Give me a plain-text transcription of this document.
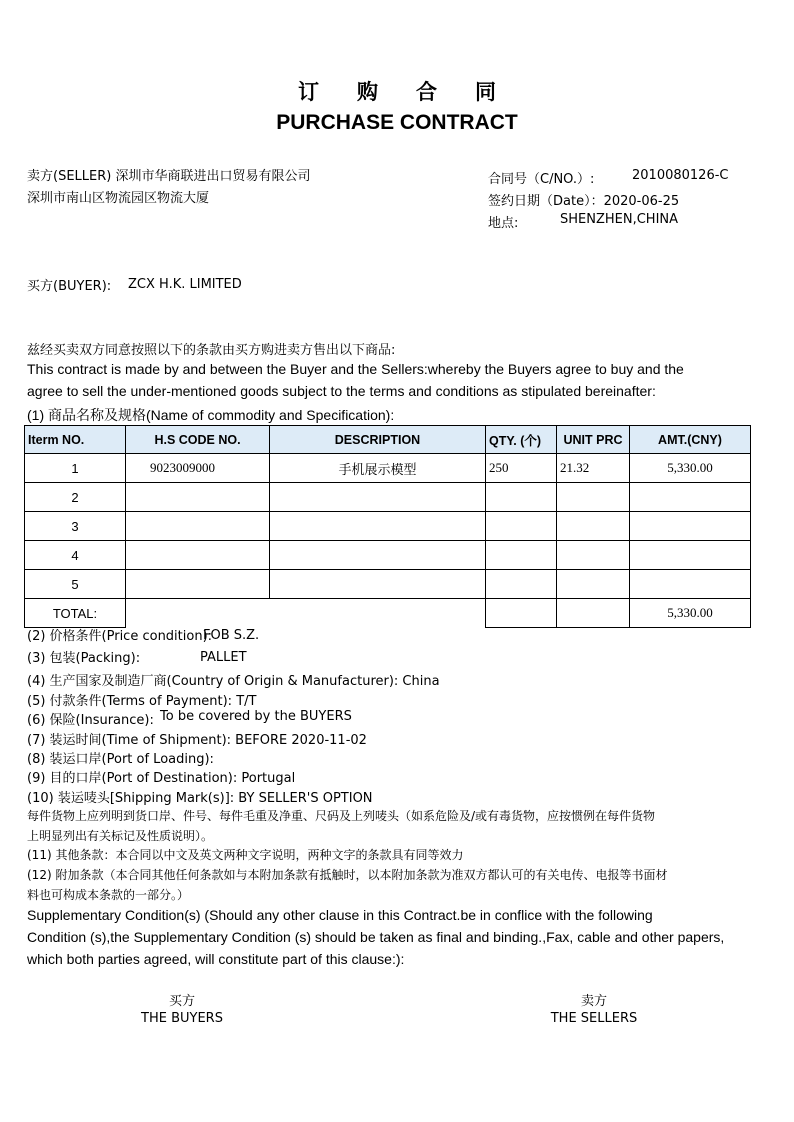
订购合同
PURCHASE CONTRACT
卖方(SELLER) 深圳市华商联进出口贸易有限公司
深圳市南山区物流园区物流大厦
合同号（C/NO.）:	2010080126-C
签约日期（Date）：2020-06-25
地点:	SHENZHEN,CHINA
买方(BUYER): ZCX H.K. LIMITED
兹经买卖双方同意按照以下的条款由买方购进卖方售出以下商品:
This contract is made by and between the Buyer and the Sellers:whereby the Buyers agree to buy and the
agree to sell the under-mentioned goods subject to the terms and conditions as stipulated bereinafter:
(1) 商品名称及规格(Name of commodity and Specification):
Iterm NO.	H.S CODE NO.	DESCRIPTION	QTY. (个)	UNIT PRC	AMT.(CNY)
1	9023009000	手机展示模型	250	21.32	5,330.00
2					
3					
4					
5					
TOTAL:					5,330.00
(2) 价格条件(Price condition):
FOB S.Z.
(3) 包装(Packing):	PALLET
(4) 生产国家及制造厂商(Country of Origin & Manufacturer): China
(5) 付款条件(Terms of Payment): T/T
(6) 保险(Insurance): To be covered by the BUYERS
(7) 装运时间(Time of Shipment): BEFORE 2020-11-02
(8) 装运口岸(Port of Loading):
(9) 目的口岸(Port of Destination): Portugal
(10) 装运唛头[Shipping Mark(s)]: BY SELLER'S OPTION
每件货物上应列明到货口岸、件号、每件毛重及净重、尺码及上列唛头（如系危险及/或有毒货物，应按惯例在每件货物
上明显列出有关标记及性质说明）。
(11) 其他条款：本合同以中文及英文两种文字说明，两种文字的条款具有同等效力
(12) 附加条款（本合同其他任何条款如与本附加条款有抵触时，以本附加条款为准双方都认可的有关电传、电报等书面材
料也可构成本条款的一部分。）
Supplementary Condition(s) (Should any other clause in this Contract.be in conflice with the following
Condition (s),the Supplementary Condition (s) should be taken as final and binding.,Fax, cable and other papers,
which both parties agreed, will constitute part of this clause:):
买方
THE BUYERS
卖方
THE SELLERS
